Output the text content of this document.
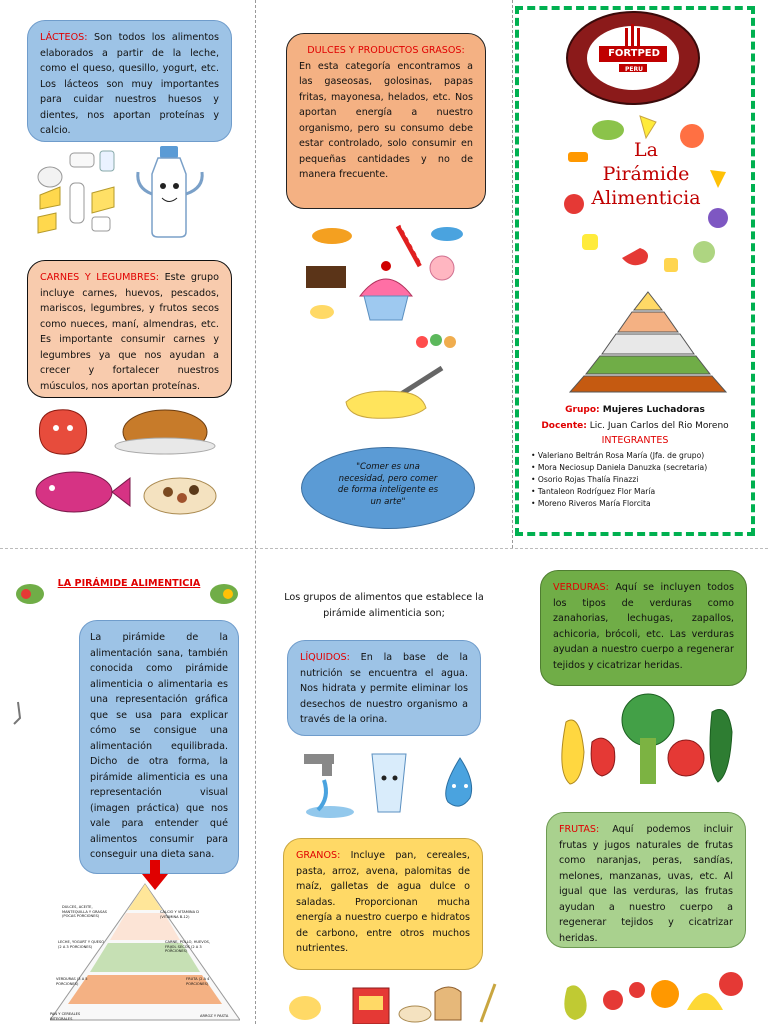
LÁCTEOS: Son todos los alimentos elaborados a partir de la leche, como el queso, quesillo, yogurt, etc. Los lácteos son muy importantes para cuidar nuestros huesos y dientes, nos aportan proteínas y calcio.
CARNES Y LEGUMBRES: Este grupo incluye carnes, huevos, pescados, mariscos, legumbres, y frutos secos como nueces, maní, almendras, etc. Es importante consumir carnes y legumbres ya que nos ayudan a crecer y fortalecer nuestros músculos, nos aportan proteínas.
DULCES Y PRODUCTOS GRASOS:
En esta categoría encontramos a las gaseosas, golosinas, papas fritas, mayonesa, helados, etc. Nos aportan energía a nuestro organismo, pero su consumo debe estar controlado, solo consumir en pequeñas cantidades y no de manera frecuente.
"Comer es una necesidad, pero comer de forma inteligente es un arte"
FORTPED
PERU
La
Pirámide
Alimenticia
Grupo: Mujeres Luchadoras
Docente: Lic. Juan Carlos del Rio Moreno
INTEGRANTES
• Valeriano Beltrán Rosa María (Jfa. de grupo)
• Mora Neciosup Daniela Danuzka (secretaria)
• Osorio Rojas Thalía Finazzi
• Tantaleon Rodríguez Flor María
• Moreno Riveros María Florcita
LA PIRÁMIDE ALIMENTICIA
La pirámide de la alimentación sana, también conocida como pirámide alimenticia o alimentaria es una representación gráfica que se usa para explicar cómo se consigue una alimentación equilibrada. Dicho de otra forma, la pirámide alimenticia es una representación visual (imagen práctica) que nos vale para entender qué alimentos consumir para conseguir una dieta sana.
DULCES, ACEITE, MANTEQUILLA Y GRASAS (POCAS PORCIONES)
CALCIO Y VITAMINA D (VITAMINA B-12)
LECHE, YOGURT Y QUESO (2 A 3 PORCIONES)
CARNE, POLLO, HUEVOS, FRIJOL SECOS (2 A 3 PORCIONES)
VERDURAS (3 A 5 PORCIONES)
FRUTA (2 A 4 PORCIONES)
PAN Y CEREALES INTEGRALES
ARROZ Y PASTA
Los grupos de alimentos que establece la pirámide alimenticia son;
LÍQUIDOS: En la base de la nutrición se encuentra el agua. Nos hidrata y permite eliminar los desechos de nuestro organismo a través de la orina.
GRANOS: Incluye pan, cereales, pasta, arroz, avena, palomitas de maíz, galletas de agua dulce o saladas. Proporcionan mucha energía a nuestro cuerpo e hidratos de carbono, entre otros muchos nutrientes.
VERDURAS: Aquí se incluyen todos los tipos de verduras como zanahorias, lechugas, zapallos, achicoria, brócoli, etc. Las verduras ayudan a nuestro cuerpo a regenerar tejidos y cicatrizar heridas.
FRUTAS: Aquí podemos incluir frutas y jugos naturales de frutas como naranjas, peras, sandías, melones, manzanas, uvas, etc. Al igual que las verduras, las frutas ayudan a nuestro cuerpo a regenerar tejidos y cicatrizar heridas.
